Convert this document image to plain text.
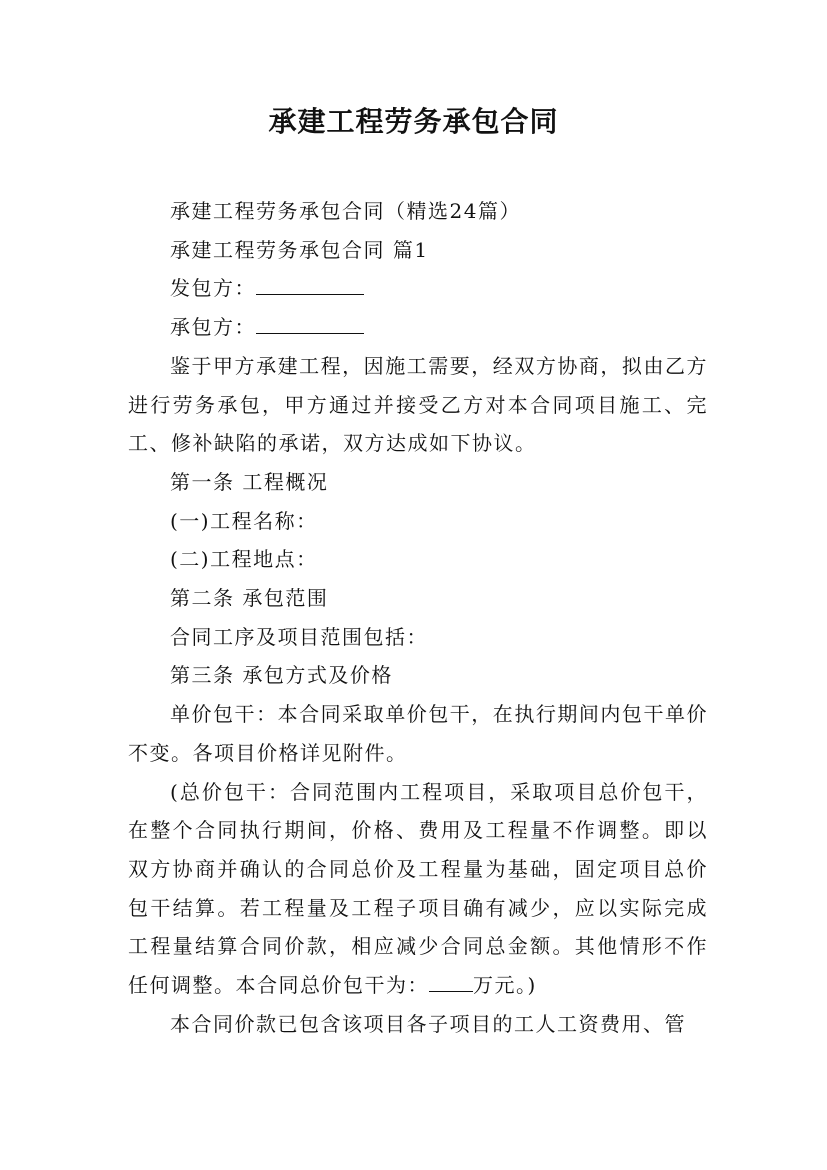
承建工程劳务承包合同

承建工程劳务承包合同（精选24篇）

承建工程劳务承包合同 篇1

发包方：

承包方：

鉴于甲方承建工程，因施工需要，经双方协商，拟由乙方进行劳务承包，甲方通过并接受乙方对本合同项目施工、完工、修补缺陷的承诺，双方达成如下协议。

第一条 工程概况

(一)工程名称：

(二)工程地点：

第二条 承包范围

合同工序及项目范围包括：

第三条 承包方式及价格

单价包干：本合同采取单价包干，在执行期间内包干单价不变。各项目价格详见附件。

(总价包干：合同范围内工程项目，采取项目总价包干，在整个合同执行期间，价格、费用及工程量不作调整。即以双方协商并确认的合同总价及工程量为基础，固定项目总价包干结算。若工程量及工程子项目确有减少，应以实际完成工程量结算合同价款，相应减少合同总金额。其他情形不作任何调整。本合同总价包干为： 万元。)

本合同价款已包含该项目各子项目的工人工资费用、管
